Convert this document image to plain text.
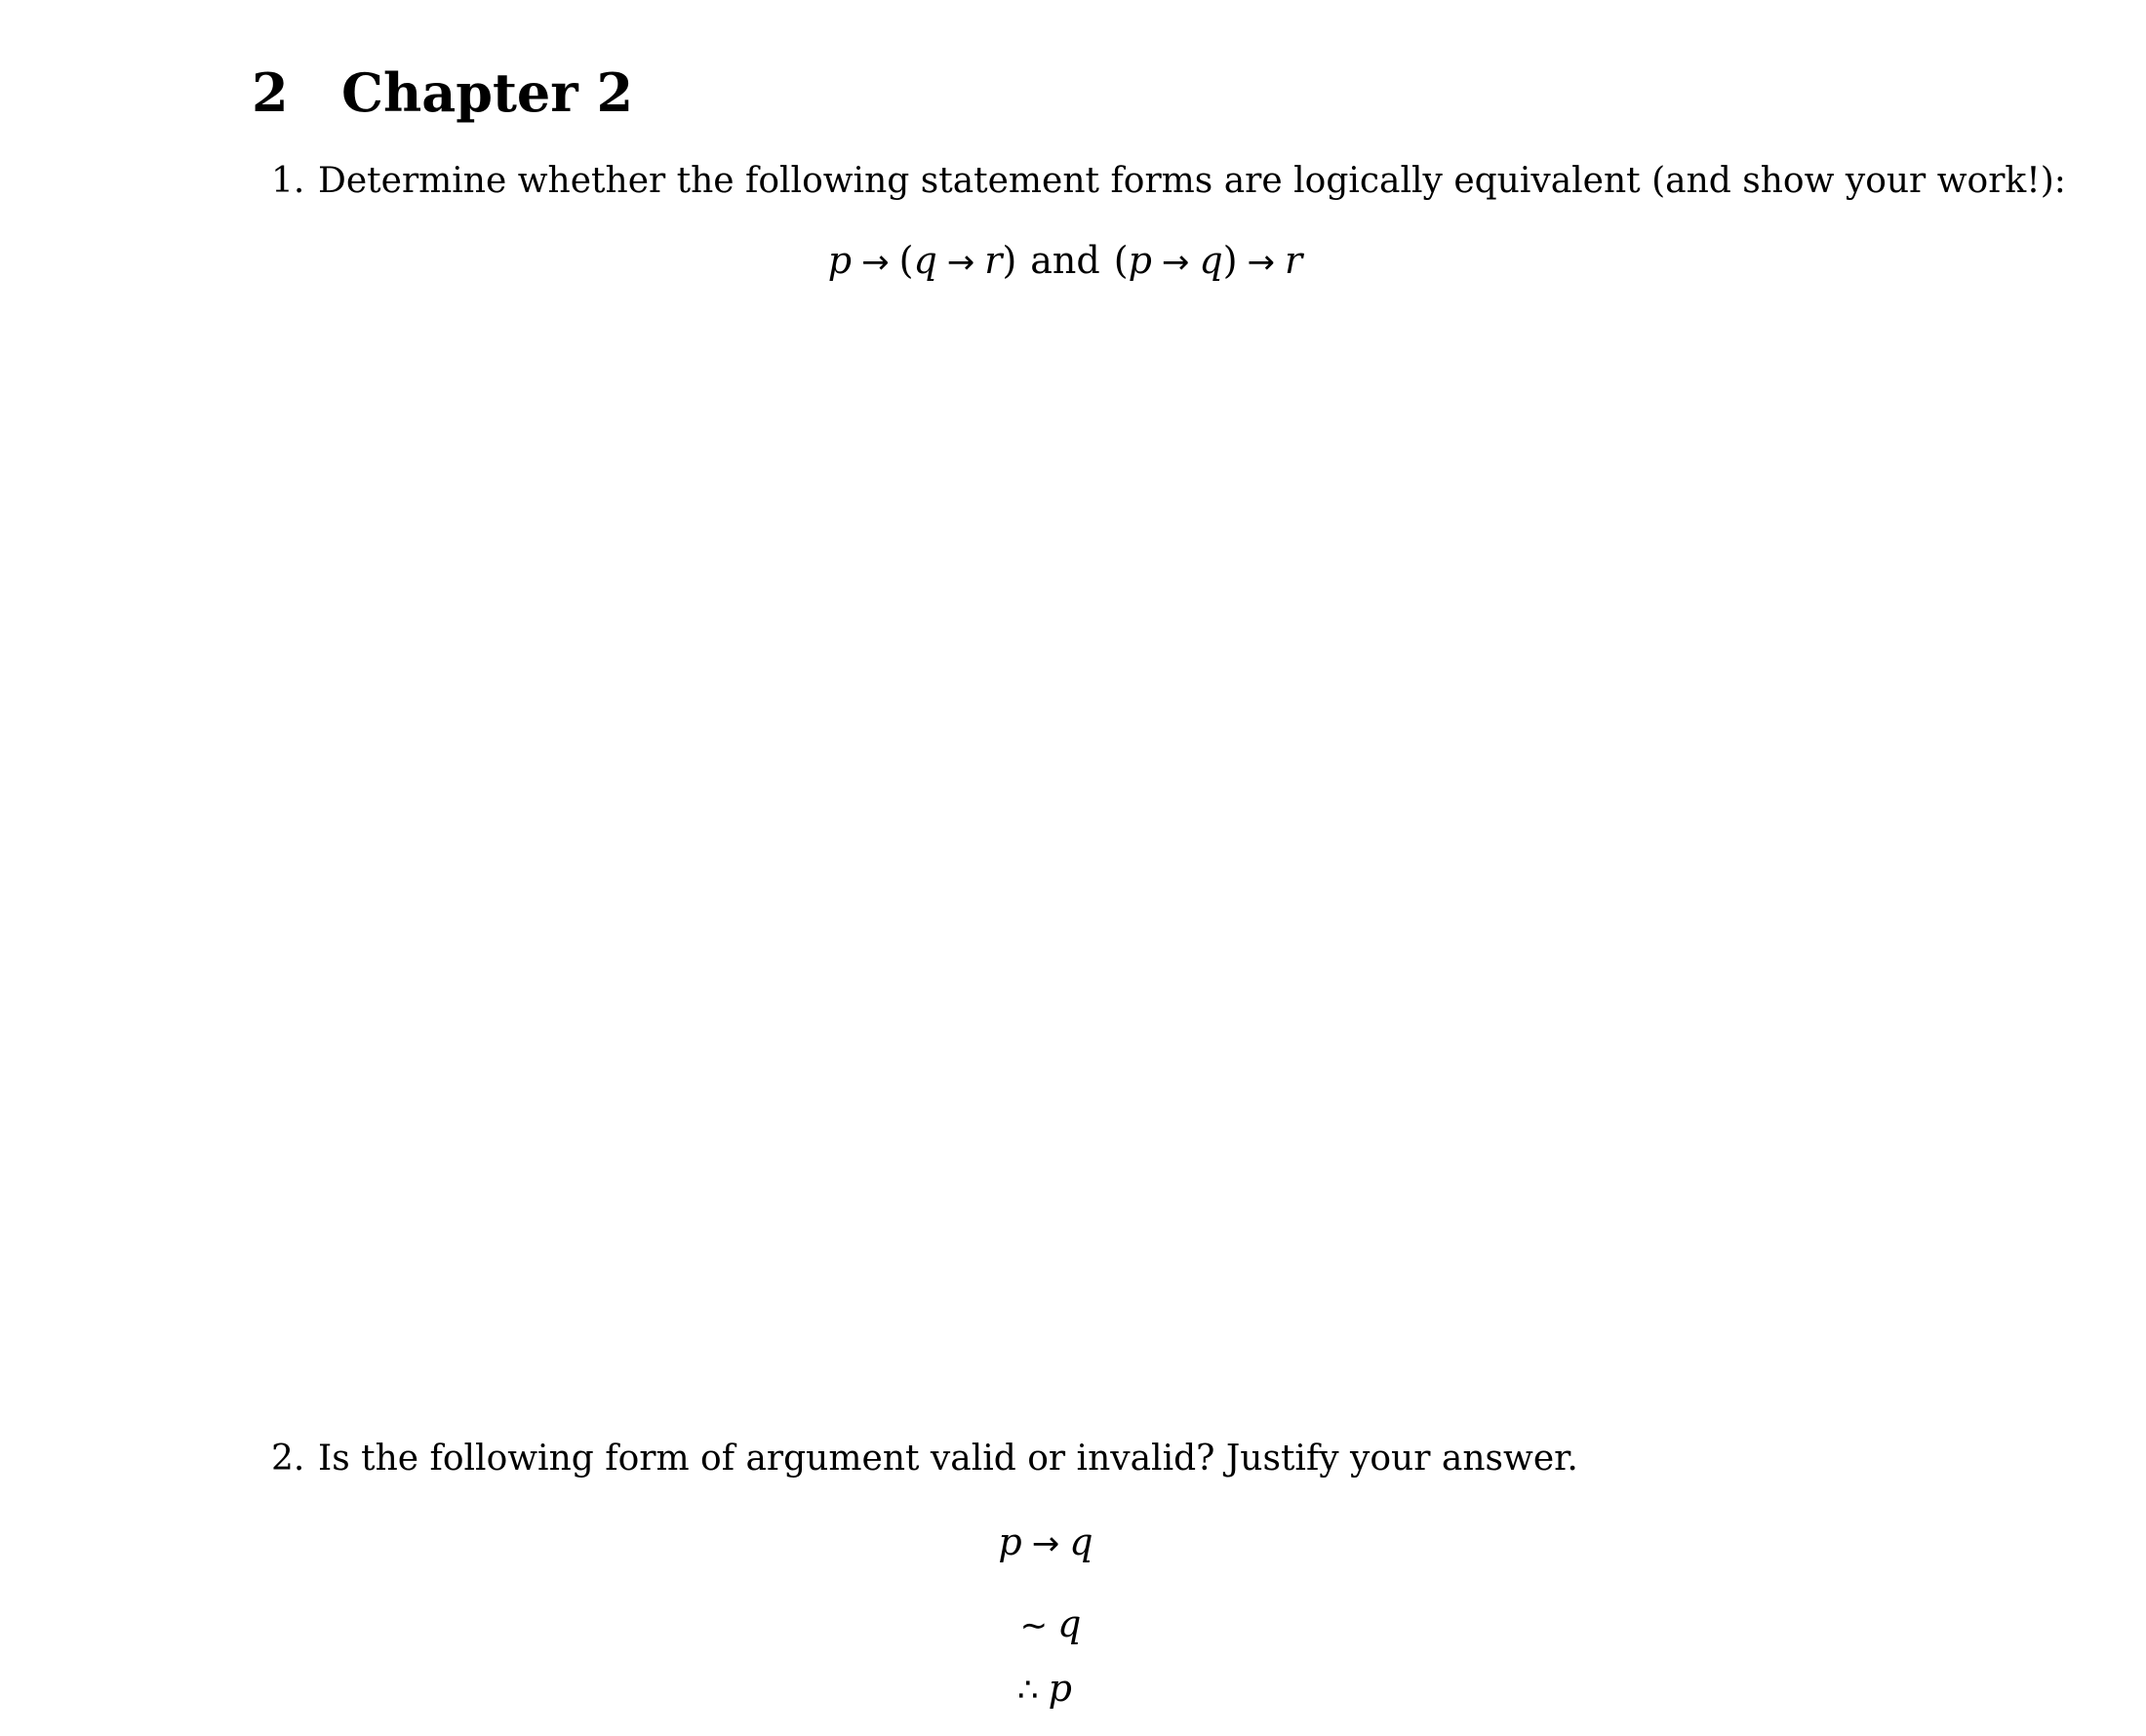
2 Chapter 2
1. Determine whether the following statement forms are logically equivalent (and show your work!):
p → (q → r) and (p → q) → r
2. Is the following form of argument valid or invalid? Justify your answer.
p → q
∼ q
∴ p
